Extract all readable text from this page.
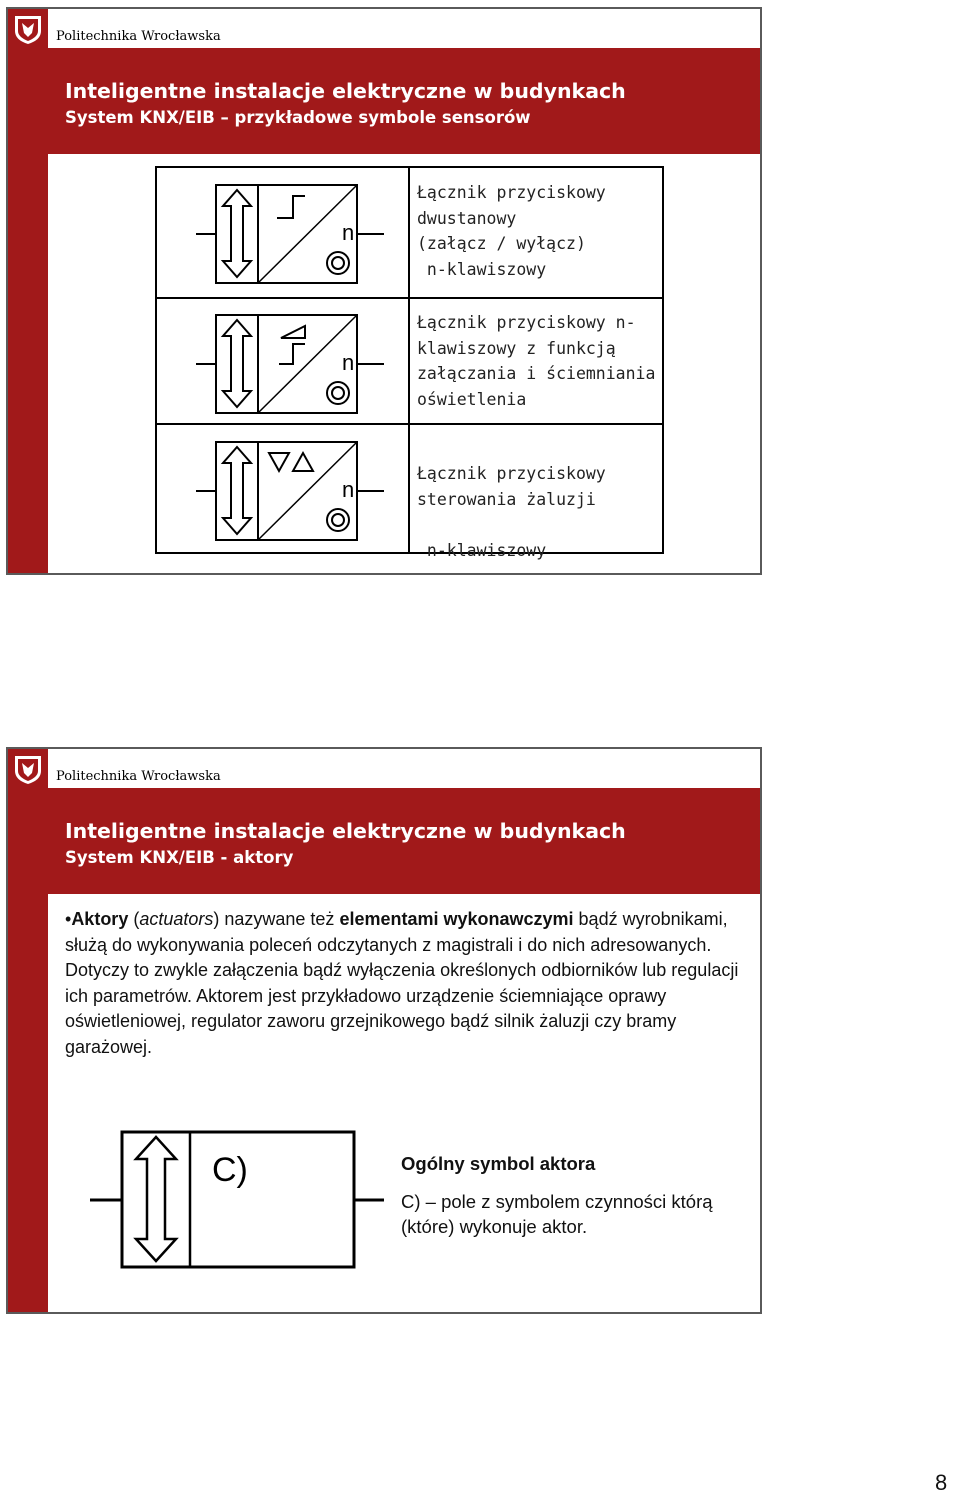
Politechnika Wrocławska
Inteligentne instalacje elektryczne w budynkach
System KNX/EIB – przykładowe symbole sensorów
n
Łącznik przyciskowy
dwustanowy
(załącz / wyłącz)
n-klawiszowy
n
Łącznik przyciskowy n-
klawiszowy z funkcją
załączania i ściemniania
oświetlenia
n
Łącznik przyciskowy
sterowania żaluzji

n-klawiszowy
Politechnika Wrocławska
Inteligentne instalacje elektryczne w budynkach
System KNX/EIB - aktory
•Aktory (actuators) nazywane też elementami wykonawczymi bądź wyrobnikami, służą do wykonywania poleceń odczytanych z magistrali i do nich adresowanych. Dotyczy to zwykle załączenia bądź wyłączenia określonych odbiorników lub regulacji ich parametrów. Aktorem jest przykładowo urządzenie ściemniające oprawy oświetleniowej, regulator zaworu grzejnikowego bądź silnik żaluzji czy bramy garażowej.
C)	Ogólny symbol aktora
C) – pole z symbolem czynności którą (które) wykonuje aktor.
8
